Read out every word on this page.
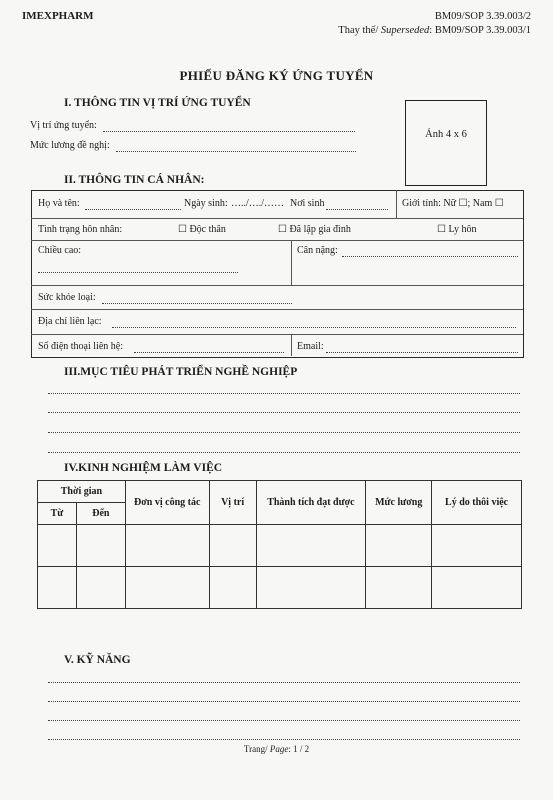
IMEXPHARM	BM09/SOP 3.39.003/2
Thay thế/ Superseded: BM09/SOP 3.39.003/1
PHIẾU ĐĂNG KÝ ỨNG TUYỂN
I. THÔNG TIN VỊ TRÍ ỨNG TUYỂN
Vị trí ứng tuyển:
Mức lương đề nghị:
Ảnh 4 x 6
II. THÔNG TIN CÁ NHÂN:
Họ và tên:	Ngày sinh: …../…./…… Nơi sinh	Giới tính: Nữ ☐; Nam ☐
Tình trạng hôn nhân:	☐ Độc thân	☐ Đã lập gia đình	☐ Ly hôn
Chiều cao:	Cân nặng:
Sức khỏe loại:
Địa chỉ liên lạc:
Số điện thoại liên hệ:	Email:
III.MỤC TIÊU PHÁT TRIỂN NGHỀ NGHIỆP
IV.KINH NGHIỆM LÀM VIỆC
Thời gian		Đơn vị công tác	Vị trí	Thành tích đạt được	Mức lương	Lý do thôi việc
Từ	Đến					

V. KỸ NĂNG
Trang/ Page: 1 / 2
